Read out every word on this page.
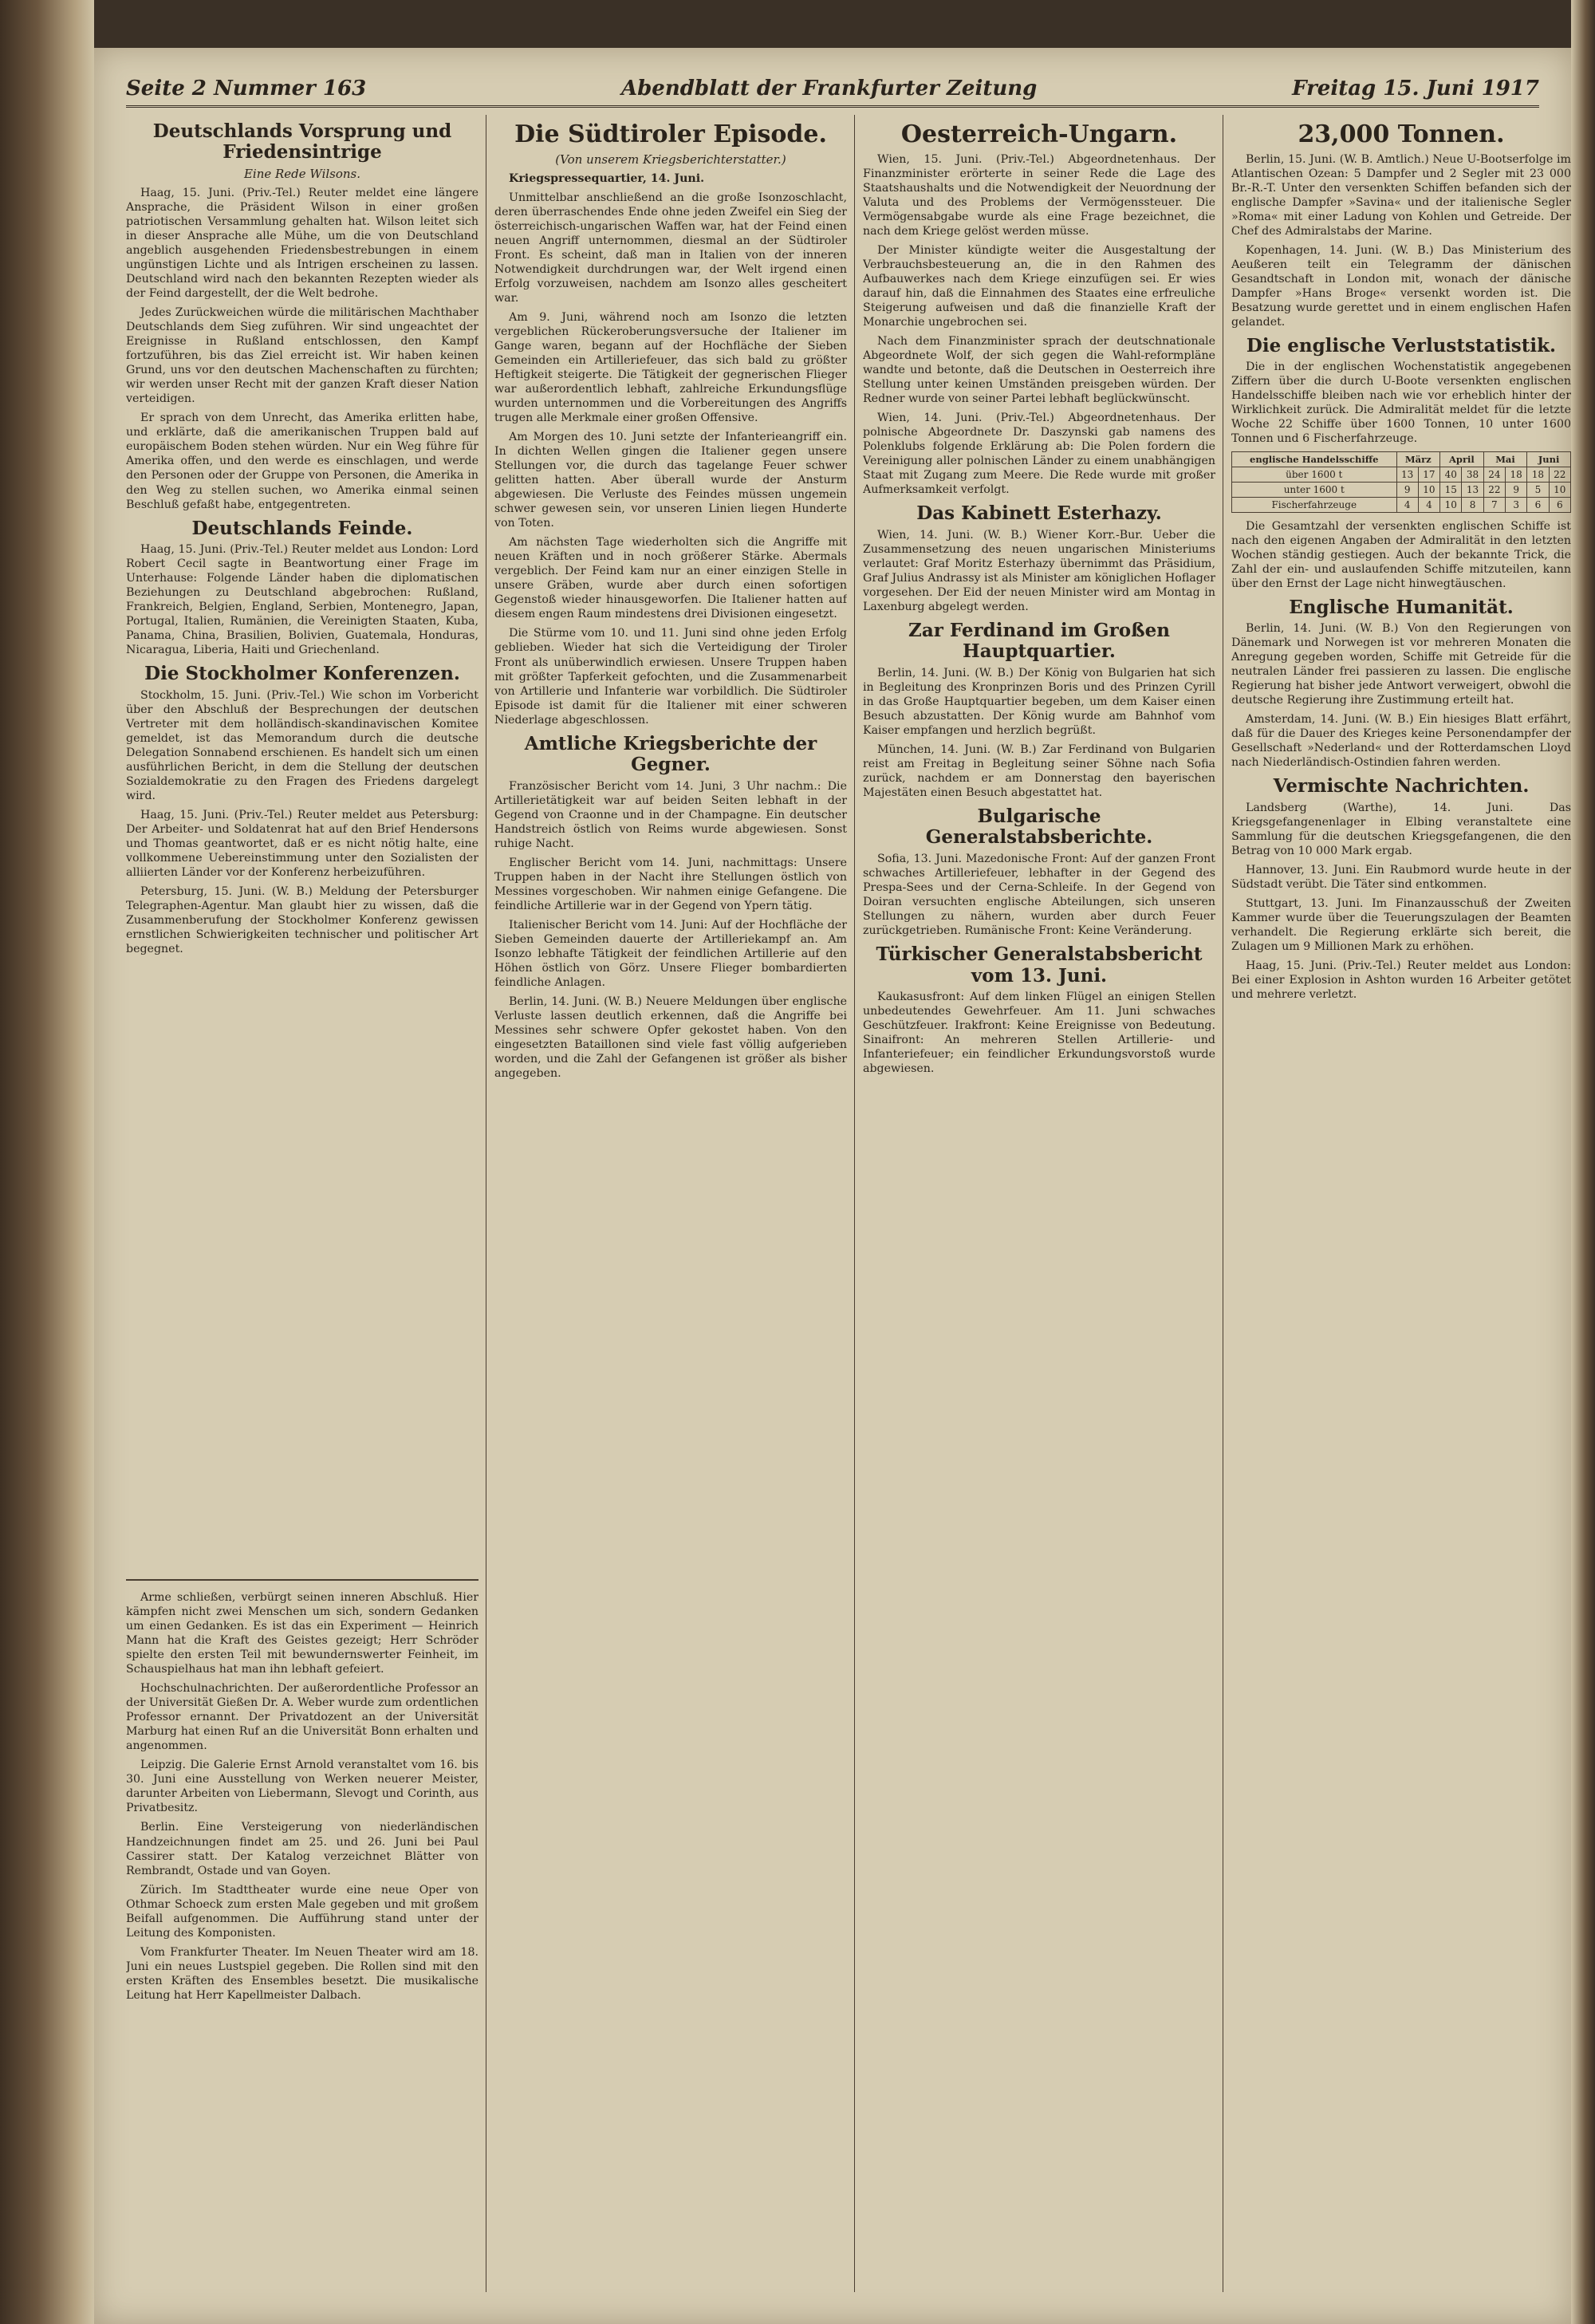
Seite 2 Nummer 163	Abendblatt der Frankfurter Zeitung	Freitag 15. Juni 1917
Deutschlands Vorsprung und Friedensintrige
Eine Rede Wilsons.

Haag, 15. Juni. (Priv.-Tel.) Reuter meldet eine längere Ansprache, die Präsident Wilson in einer großen patriotischen Versammlung gehalten hat. Wilson leitet sich in dieser Ansprache alle Mühe, um die von Deutschland angeblich ausgehenden Friedensbestrebungen in einem ungünstigen Lichte und als Intrigen erscheinen zu lassen. Deutschland wird nach den bekannten Rezepten wieder als der Feind dargestellt, der die Welt bedrohe.

Jedes Zurückweichen würde die militärischen Machthaber Deutschlands dem Sieg zuführen. Wir sind ungeachtet der Ereignisse in Rußland entschlossen, den Kampf fortzuführen, bis das Ziel erreicht ist. Wir haben keinen Grund, uns vor den deutschen Machenschaften zu fürchten; wir werden unser Recht mit der ganzen Kraft dieser Nation verteidigen.

Er sprach von dem Unrecht, das Amerika erlitten habe, und erklärte, daß die amerikanischen Truppen bald auf europäischem Boden stehen würden. Nur ein Weg führe für Amerika offen, und den werde es einschlagen, und werde den Personen oder der Gruppe von Personen, die Amerika in den Weg zu stellen suchen, wo Amerika einmal seinen Beschluß gefaßt habe, entgegentreten.

Deutschlands Feinde.

Haag, 15. Juni. (Priv.-Tel.) Reuter meldet aus London: Lord Robert Cecil sagte in Beantwortung einer Frage im Unterhause: Folgende Länder haben die diplomatischen Beziehungen zu Deutschland abgebrochen: Rußland, Frankreich, Belgien, England, Serbien, Montenegro, Japan, Portugal, Italien, Rumänien, die Vereinigten Staaten, Kuba, Panama, China, Brasilien, Bolivien, Guatemala, Honduras, Nicaragua, Liberia, Haiti und Griechenland.

Die Stockholmer Konferenzen.

Stockholm, 15. Juni. (Priv.-Tel.) Wie schon im Vorbericht über den Abschluß der Besprechungen der deutschen Vertreter mit dem holländisch-skandinavischen Komitee gemeldet, ist das Memorandum durch die deutsche Delegation Sonnabend erschienen. Es handelt sich um einen ausführlichen Bericht, in dem die Stellung der deutschen Sozialdemokratie zu den Fragen des Friedens dargelegt wird.

Haag, 15. Juni. (Priv.-Tel.) Reuter meldet aus Petersburg: Der Arbeiter- und Soldatenrat hat auf den Brief Hendersons und Thomas geantwortet, daß er es nicht nötig halte, eine vollkommene Uebereinstimmung unter den Sozialisten der alliierten Länder vor der Konferenz herbeizuführen.

Petersburg, 15. Juni. (W. B.) Meldung der Petersburger Telegraphen-Agentur. Man glaubt hier zu wissen, daß die Zusammenberufung der Stockholmer Konferenz gewissen ernstlichen Schwierigkeiten technischer und politischer Art begegnet.

Arme schließen, verbürgt seinen inneren Abschluß. Hier kämpfen nicht zwei Menschen um sich, sondern Gedanken um einen Gedanken. Es ist das ein Experiment — Heinrich Mann hat die Kraft des Geistes gezeigt; Herr Schröder spielte den ersten Teil mit bewundernswerter Feinheit, im Schauspielhaus hat man ihn lebhaft gefeiert.

Hochschulnachrichten. Der außerordentliche Professor an der Universität Gießen Dr. A. Weber wurde zum ordentlichen Professor ernannt. Der Privatdozent an der Universität Marburg hat einen Ruf an die Universität Bonn erhalten und angenommen.

Leipzig. Die Galerie Ernst Arnold veranstaltet vom 16. bis 30. Juni eine Ausstellung von Werken neuerer Meister, darunter Arbeiten von Liebermann, Slevogt und Corinth, aus Privatbesitz.

Berlin. Eine Versteigerung von niederländischen Handzeichnungen findet am 25. und 26. Juni bei Paul Cassirer statt. Der Katalog verzeichnet Blätter von Rembrandt, Ostade und van Goyen.

Zürich. Im Stadttheater wurde eine neue Oper von Othmar Schoeck zum ersten Male gegeben und mit großem Beifall aufgenommen. Die Aufführung stand unter der Leitung des Komponisten.

Vom Frankfurter Theater. Im Neuen Theater wird am 18. Juni ein neues Lustspiel gegeben. Die Rollen sind mit den ersten Kräften des Ensembles besetzt. Die musikalische Leitung hat Herr Kapellmeister Dalbach.

Die Südtiroler Episode.
(Von unserem Kriegsberichterstatter.)

Kriegspressequartier, 14. Juni.

Unmittelbar anschließend an die große Isonzoschlacht, deren überraschendes Ende ohne jeden Zweifel ein Sieg der österreichisch-ungarischen Waffen war, hat der Feind einen neuen Angriff unternommen, diesmal an der Südtiroler Front. Es scheint, daß man in Italien von der inneren Notwendigkeit durchdrungen war, der Welt irgend einen Erfolg vorzuweisen, nachdem am Isonzo alles gescheitert war.

Am 9. Juni, während noch am Isonzo die letzten vergeblichen Rückeroberungsversuche der Italiener im Gange waren, begann auf der Hochfläche der Sieben Gemeinden ein Artilleriefeuer, das sich bald zu größter Heftigkeit steigerte. Die Tätigkeit der gegnerischen Flieger war außerordentlich lebhaft, zahlreiche Erkundungsflüge wurden unternommen und die Vorbereitungen des Angriffs trugen alle Merkmale einer großen Offensive.

Am Morgen des 10. Juni setzte der Infanterieangriff ein. In dichten Wellen gingen die Italiener gegen unsere Stellungen vor, die durch das tagelange Feuer schwer gelitten hatten. Aber überall wurde der Ansturm abgewiesen. Die Verluste des Feindes müssen ungemein schwer gewesen sein, vor unseren Linien liegen Hunderte von Toten.

Am nächsten Tage wiederholten sich die Angriffe mit neuen Kräften und in noch größerer Stärke. Abermals vergeblich. Der Feind kam nur an einer einzigen Stelle in unsere Gräben, wurde aber durch einen sofortigen Gegenstoß wieder hinausgeworfen. Die Italiener hatten auf diesem engen Raum mindestens drei Divisionen eingesetzt.

Die Stürme vom 10. und 11. Juni sind ohne jeden Erfolg geblieben. Wieder hat sich die Verteidigung der Tiroler Front als unüberwindlich erwiesen. Unsere Truppen haben mit größter Tapferkeit gefochten, und die Zusammenarbeit von Artillerie und Infanterie war vorbildlich. Die Südtiroler Episode ist damit für die Italiener mit einer schweren Niederlage abgeschlossen.

Amtliche Kriegsberichte der Gegner.

Französischer Bericht vom 14. Juni, 3 Uhr nachm.: Die Artillerietätigkeit war auf beiden Seiten lebhaft in der Gegend von Craonne und in der Champagne. Ein deutscher Handstreich östlich von Reims wurde abgewiesen. Sonst ruhige Nacht.

Englischer Bericht vom 14. Juni, nachmittags: Unsere Truppen haben in der Nacht ihre Stellungen östlich von Messines vorgeschoben. Wir nahmen einige Gefangene. Die feindliche Artillerie war in der Gegend von Ypern tätig.

Italienischer Bericht vom 14. Juni: Auf der Hochfläche der Sieben Gemeinden dauerte der Artilleriekampf an. Am Isonzo lebhafte Tätigkeit der feindlichen Artillerie auf den Höhen östlich von Görz. Unsere Flieger bombardierten feindliche Anlagen.

Berlin, 14. Juni. (W. B.) Neuere Meldungen über englische Verluste lassen deutlich erkennen, daß die Angriffe bei Messines sehr schwere Opfer gekostet haben. Von den eingesetzten Bataillonen sind viele fast völlig aufgerieben worden, und die Zahl der Gefangenen ist größer als bisher angegeben.

Oesterreich-Ungarn.

Wien, 15. Juni. (Priv.-Tel.) Abgeordnetenhaus. Der Finanzminister erörterte in seiner Rede die Lage des Staatshaushalts und die Notwendigkeit der Neuordnung der Valuta und des Problems der Vermögenssteuer. Die Vermögensabgabe wurde als eine Frage bezeichnet, die nach dem Kriege gelöst werden müsse.

Der Minister kündigte weiter die Ausgestaltung der Verbrauchsbesteuerung an, die in den Rahmen des Aufbauwerkes nach dem Kriege einzufügen sei. Er wies darauf hin, daß die Einnahmen des Staates eine erfreuliche Steigerung aufweisen und daß die finanzielle Kraft der Monarchie ungebrochen sei.

Nach dem Finanzminister sprach der deutschnationale Abgeordnete Wolf, der sich gegen die Wahl-reformpläne wandte und betonte, daß die Deutschen in Oesterreich ihre Stellung unter keinen Umständen preisgeben würden. Der Redner wurde von seiner Partei lebhaft beglückwünscht.

Wien, 14. Juni. (Priv.-Tel.) Abgeordnetenhaus. Der polnische Abgeordnete Dr. Daszynski gab namens des Polenklubs folgende Erklärung ab: Die Polen fordern die Vereinigung aller polnischen Länder zu einem unabhängigen Staat mit Zugang zum Meere. Die Rede wurde mit großer Aufmerksamkeit verfolgt.

Das Kabinett Esterhazy.

Wien, 14. Juni. (W. B.) Wiener Korr.-Bur. Ueber die Zusammensetzung des neuen ungarischen Ministeriums verlautet: Graf Moritz Esterhazy übernimmt das Präsidium, Graf Julius Andrassy ist als Minister am königlichen Hoflager vorgesehen. Der Eid der neuen Minister wird am Montag in Laxenburg abgelegt werden.

Zar Ferdinand im Großen Hauptquartier.

Berlin, 14. Juni. (W. B.) Der König von Bulgarien hat sich in Begleitung des Kronprinzen Boris und des Prinzen Cyrill in das Große Hauptquartier begeben, um dem Kaiser einen Besuch abzustatten. Der König wurde am Bahnhof vom Kaiser empfangen und herzlich begrüßt.

München, 14. Juni. (W. B.) Zar Ferdinand von Bulgarien reist am Freitag in Begleitung seiner Söhne nach Sofia zurück, nachdem er am Donnerstag den bayerischen Majestäten einen Besuch abgestattet hat.

Bulgarische Generalstabsberichte.

Sofia, 13. Juni. Mazedonische Front: Auf der ganzen Front schwaches Artilleriefeuer, lebhafter in der Gegend des Prespa-Sees und der Cerna-Schleife. In der Gegend von Doiran versuchten englische Abteilungen, sich unseren Stellungen zu nähern, wurden aber durch Feuer zurückgetrieben. Rumänische Front: Keine Veränderung.

Türkischer Generalstabsbericht vom 13. Juni.

Kaukasusfront: Auf dem linken Flügel an einigen Stellen unbedeutendes Gewehrfeuer. Am 11. Juni schwaches Geschützfeuer. Irakfront: Keine Ereignisse von Bedeutung. Sinaifront: An mehreren Stellen Artillerie- und Infanteriefeuer; ein feindlicher Erkundungsvorstoß wurde abgewiesen.

23,000 Tonnen.

Berlin, 15. Juni. (W. B. Amtlich.) Neue U-Bootserfolge im Atlantischen Ozean: 5 Dampfer und 2 Segler mit 23 000 Br.-R.-T. Unter den versenkten Schiffen befanden sich der englische Dampfer »Savina« und der italienische Segler »Roma« mit einer Ladung von Kohlen und Getreide. Der Chef des Admiralstabs der Marine.

Kopenhagen, 14. Juni. (W. B.) Das Ministerium des Aeußeren teilt ein Telegramm der dänischen Gesandtschaft in London mit, wonach der dänische Dampfer »Hans Broge« versenkt worden ist. Die Besatzung wurde gerettet und in einem englischen Hafen gelandet.

Die englische Verluststatistik.

Die in der englischen Wochenstatistik angegebenen Ziffern über die durch U-Boote versenkten englischen Handelsschiffe bleiben nach wie vor erheblich hinter der Wirklichkeit zurück. Die Admiralität meldet für die letzte Woche 22 Schiffe über 1600 Tonnen, 10 unter 1600 Tonnen und 6 Fischerfahrzeuge.

englische Handelsschiffe	März		April		Mai		Juni	
über 1600 t	13	17	40	38	24	18	18	22
unter 1600 t	9	10	15	13	22	9	5	10
Fischerfahrzeuge	4	4	10	8	7	3	6	6

Die Gesamtzahl der versenkten englischen Schiffe ist nach den eigenen Angaben der Admiralität in den letzten Wochen ständig gestiegen. Auch der bekannte Trick, die Zahl der ein- und auslaufenden Schiffe mitzuteilen, kann über den Ernst der Lage nicht hinwegtäuschen.

Englische Humanität.

Berlin, 14. Juni. (W. B.) Von den Regierungen von Dänemark und Norwegen ist vor mehreren Monaten die Anregung gegeben worden, Schiffe mit Getreide für die neutralen Länder frei passieren zu lassen. Die englische Regierung hat bisher jede Antwort verweigert, obwohl die deutsche Regierung ihre Zustimmung erteilt hat.

Amsterdam, 14. Juni. (W. B.) Ein hiesiges Blatt erfährt, daß für die Dauer des Krieges keine Personendampfer der Gesellschaft »Nederland« und der Rotterdamschen Lloyd nach Niederländisch-Ostindien fahren werden.

Vermischte Nachrichten.

Landsberg (Warthe), 14. Juni. Das Kriegsgefangenenlager in Elbing veranstaltete eine Sammlung für die deutschen Kriegsgefangenen, die den Betrag von 10 000 Mark ergab.

Hannover, 13. Juni. Ein Raubmord wurde heute in der Südstadt verübt. Die Täter sind entkommen.

Stuttgart, 13. Juni. Im Finanzausschuß der Zweiten Kammer wurde über die Teuerungszulagen der Beamten verhandelt. Die Regierung erklärte sich bereit, die Zulagen um 9 Millionen Mark zu erhöhen.

Haag, 15. Juni. (Priv.-Tel.) Reuter meldet aus London: Bei einer Explosion in Ashton wurden 16 Arbeiter getötet und mehrere verletzt.
